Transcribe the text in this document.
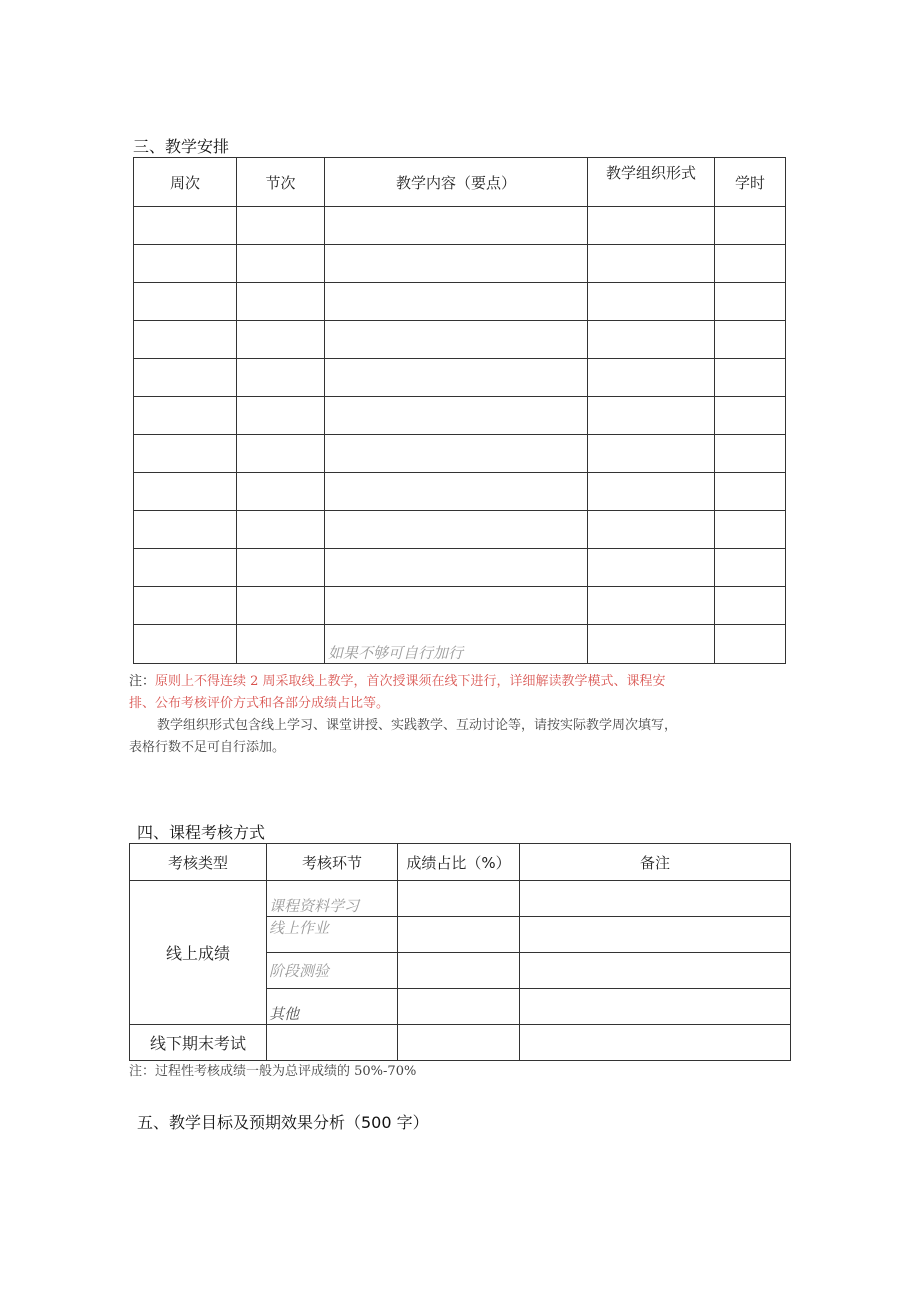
三、教学安排
周次	节次	教学内容（要点）	教学组织形式	学时

		如果不够可自行加行		
注：原则上不得连续 2 周采取线上教学，首次授课须在线下进行，详细解读教学模式、课程安
排、公布考核评价方式和各部分成绩占比等。
教学组织形式包含线上学习、课堂讲授、实践教学、互动讨论等，请按实际教学周次填写，
表格行数不足可自行添加。
四、课程考核方式
考核类型	考核环节	成绩占比（%）	备注
线上成绩	课程资料学习		
	线上作业		
	阶段测验		
	其他		
线下期末考试			
注：过程性考核成绩一般为总评成绩的 50%-70%
五、教学目标及预期效果分析（500 字）
